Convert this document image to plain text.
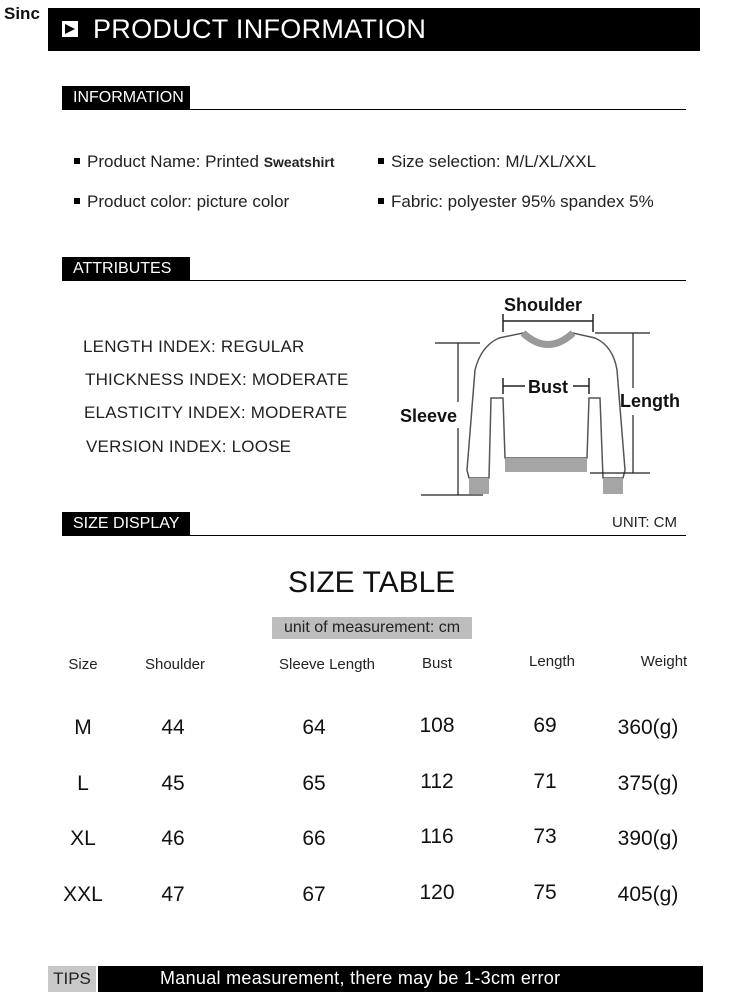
PRODUCT INFORMATION
Sinc
INFORMATION
Product Name: Printed Sweatshirt	Size selection: M/L/XL/XXL
Product color: picture color	Fabric: polyester 95% spandex 5%
ATTRIBUTES
LENGTH INDEX: REGULAR
THICKNESS INDEX: MODERATE
ELASTICITY INDEX: MODERATE
VERSION INDEX: LOOSE
Shoulder
Bust
Sleeve
Length
SIZE DISPLAY	UNIT: CM
SIZE TABLE
unit of measurement: cm
Size	Shoulder	Sleeve Length	Bust	Length	Weight
M	44	64	108	69	360(g)
L	45	65	112	71	375(g)
XL	46	66	116	73	390(g)
XXL	47	67	120	75	405(g)
TIPS	Manual measurement, there may be 1-3cm error
